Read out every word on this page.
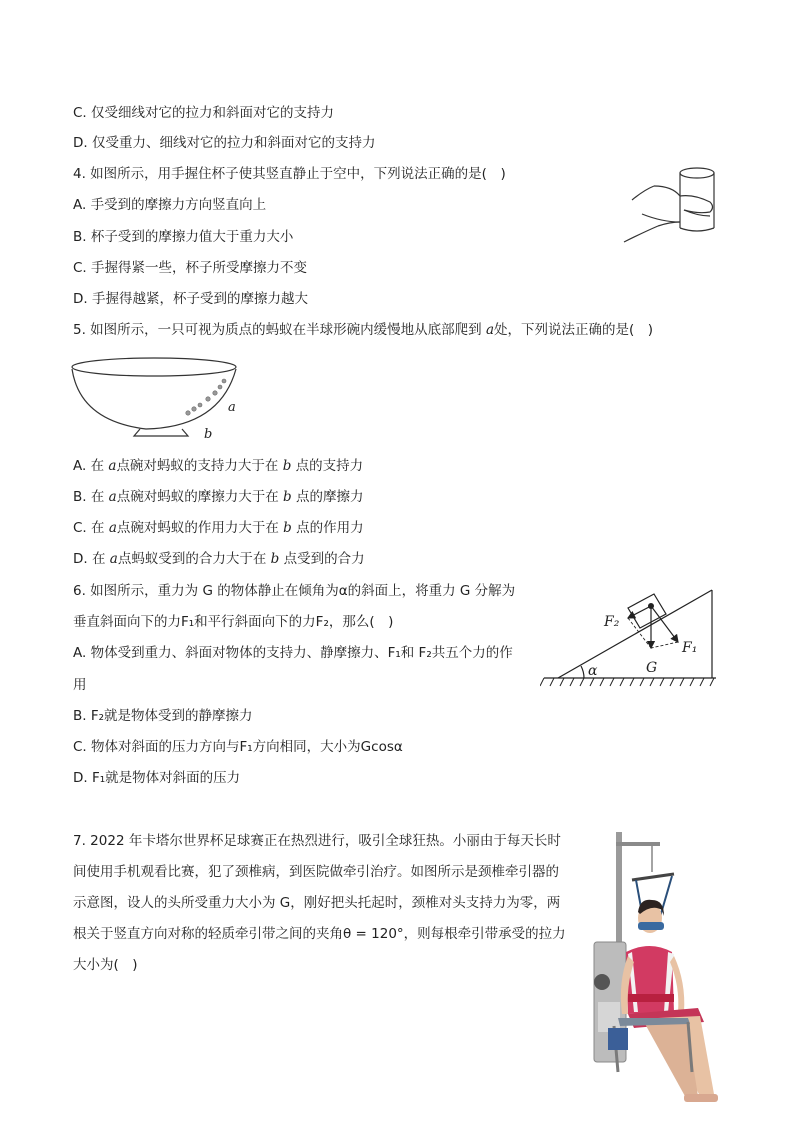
C. 仅受细线对它的拉力和斜面对它的支持力
D. 仅受重力、细线对它的拉力和斜面对它的支持力
4. 如图所示，用手握住杯子使其竖直静止于空中，下列说法正确的是(　)
A. 手受到的摩擦力方向竖直向上
B. 杯子受到的摩擦力值大于重力大小
C. 手握得紧一些，杯子所受摩擦力不变
D. 手握得越紧，杯子受到的摩擦力越大
5. 如图所示，一只可视为质点的蚂蚁在半球形碗内缓慢地从底部爬到 a处，下列说法正确的是(　)
a
b
A. 在 a点碗对蚂蚁的支持力大于在 b 点的支持力
B. 在 a点碗对蚂蚁的摩擦力大于在 b 点的摩擦力
C. 在 a点碗对蚂蚁的作用力大于在 b 点的作用力
D. 在 a点蚂蚁受到的合力大于在 b 点受到的合力
6. 如图所示，重力为 G 的物体静止在倾角为α的斜面上，将重力 G 分解为
垂直斜面向下的力F₁和平行斜面向下的力F₂，那么(　)
A. 物体受到重力、斜面对物体的支持力、静摩擦力、F₁和 F₂共五个力的作
用
B. F₂就是物体受到的静摩擦力
C. 物体对斜面的压力方向与F₁方向相同，大小为Gcosα
D. F₁就是物体对斜面的压力
F₂
F₁
G
α
7. 2022 年卡塔尔世界杯足球赛正在热烈进行，吸引全球狂热。小丽由于每天长时
间使用手机观看比赛，犯了颈椎病，到医院做牵引治疗。如图所示是颈椎牵引器的
示意图，设人的头所受重力大小为 G，刚好把头托起时，颈椎对头支持力为零，两
根关于竖直方向对称的轻质牵引带之间的夹角θ = 120°，则每根牵引带承受的拉力
大小为(　)
